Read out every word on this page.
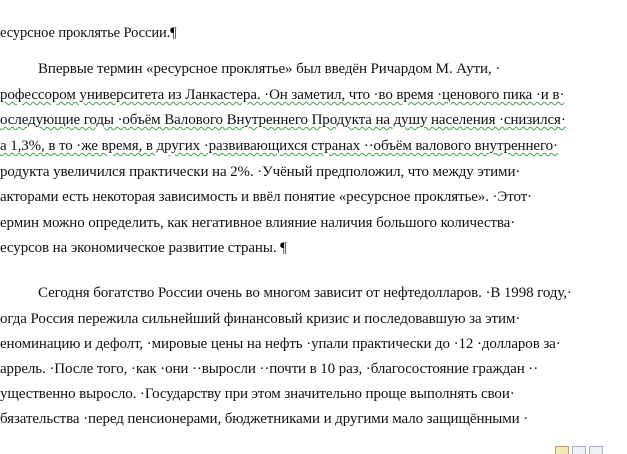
есурсное проклятье России.¶
Впервые термин «ресурсное проклятье» был введён Ричардом М. Аути, ·
рофессором университета из Ланкастера. ·Он заметил, что ·во время ·ценового пика ·и в·
оследующие годы ·объём Валового Внутреннего Продукта на душу населения ·снизился·
а 1,3%, в то ·же время, в других ·развивающихся странах ··объём валового внутреннего·
родукта увеличился практически на 2%. ·Учёный предположил, что между этими·
акторами есть некоторая зависимость и ввёл понятие «ресурсное проклятье». ·Этот·
ермин можно определить, как негативное влияние наличия большого количества·
есурсов на экономическое развитие страны. ¶
Сегодня богатство России очень во многом зависит от нефтедолларов. ·В 1998 году,·
огда Россия пережила сильнейший финансовый кризис и последовавшую за этим·
еноминацию и дефолт, ·мировые цены на нефть ·упали практически до ·12 ·долларов за·
аррель. ·После того, ·как ·они ··выросли ··почти в 10 раз, ·благосостояние граждан ··
ущественно выросло. ·Государству при этом значительно проще выполнять свои·
бязательства ·перед пенсионерами, бюджетниками и другими мало защищёнными ·
